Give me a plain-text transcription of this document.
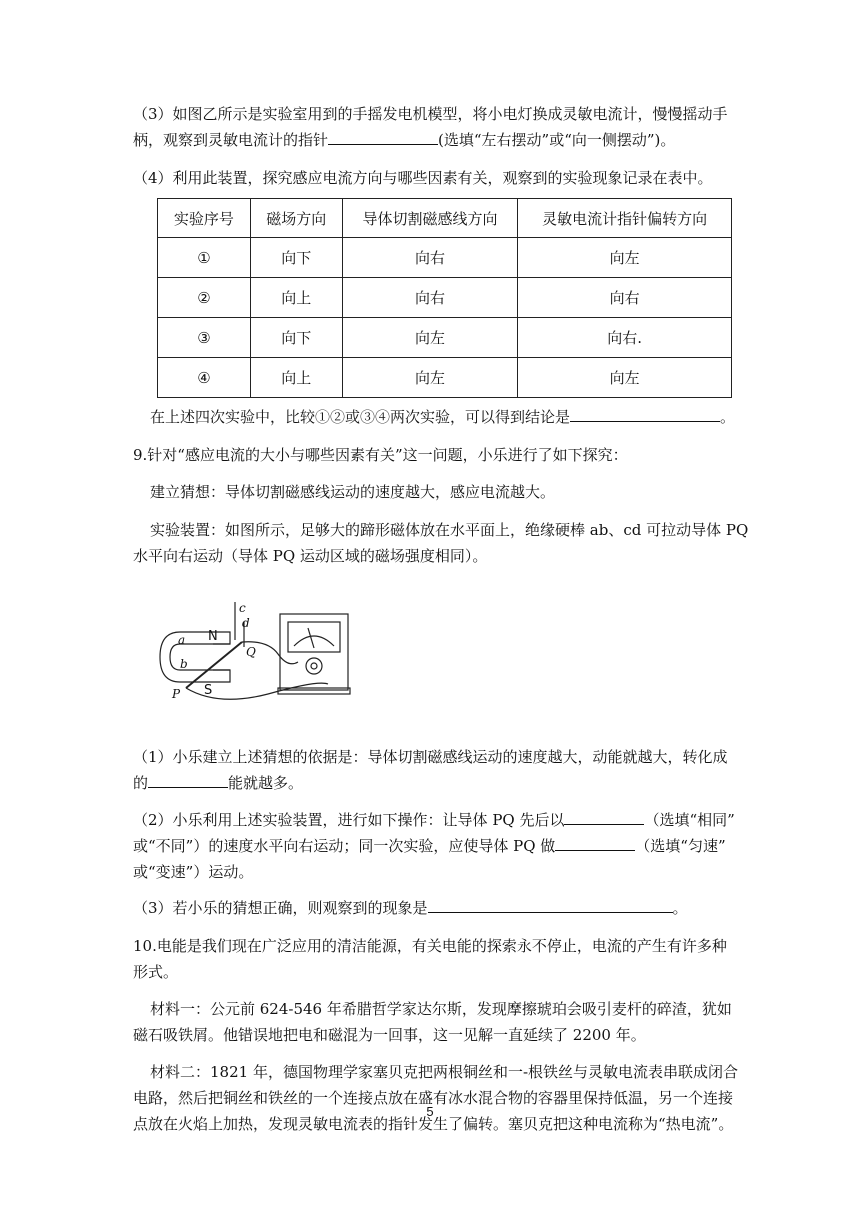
（3）如图乙所示是实验室用到的手摇发电机模型，将小电灯换成灵敏电流计，慢慢摇动手
柄，观察到灵敏电流计的指针	(选填“左右摆动”或“向一侧摆动”)。
（4）利用此装置，探究感应电流方向与哪些因素有关，观察到的实验现象记录在表中。
实验序号	磁场方向	导体切割磁感线方向	灵敏电流计指针偏转方向
①	向下	向右	向左
②	向上	向右	向右
③	向下	向左	向右.
④	向上	向左	向左
在上述四次实验中，比较①②或③④两次实验，可以得到结论是	。
9.针对“感应电流的大小与哪些因素有关”这一问题，小乐进行了如下探究：
建立猜想：导体切割磁感线运动的速度越大，感应电流越大。
实验装置：如图所示，足够大的蹄形磁体放在水平面上，绝缘硬棒 ab、cd 可拉动导体 PQ
水平向右运动（导体 PQ 运动区域的磁场强度相同）。
c
d
a
b
P
Q
N
S
（1）小乐建立上述猜想的依据是：导体切割磁感线运动的速度越大，动能就越大，转化成
的	能就越多。
（2）小乐利用上述实验装置，进行如下操作：让导体 PQ 先后以	（选填“相同”
或“不同”）的速度水平向右运动；同一次实验，应使导体 PQ 做	（选填“匀速”
或“变速”）运动。
（3）若小乐的猜想正确，则观察到的现象是	。
10.电能是我们现在广泛应用的清洁能源，有关电能的探索永不停止，电流的产生有许多种
形式。
材料一：公元前 624-546 年希腊哲学家达尔斯，发现摩擦琥珀会吸引麦杆的碎渣，犹如
磁石吸铁屑。他错误地把电和磁混为一回事，这一见解一直延续了 2200 年。
材料二：1821 年，德国物理学家塞贝克把两根铜丝和一-根铁丝与灵敏电流表串联成闭合
电路，然后把铜丝和铁丝的一个连接点放在盛有冰水混合物的容器里保持低温，另一个连接
点放在火焰上加热，发现灵敏电流表的指针发生了偏转。塞贝克把这种电流称为“热电流”。
5
